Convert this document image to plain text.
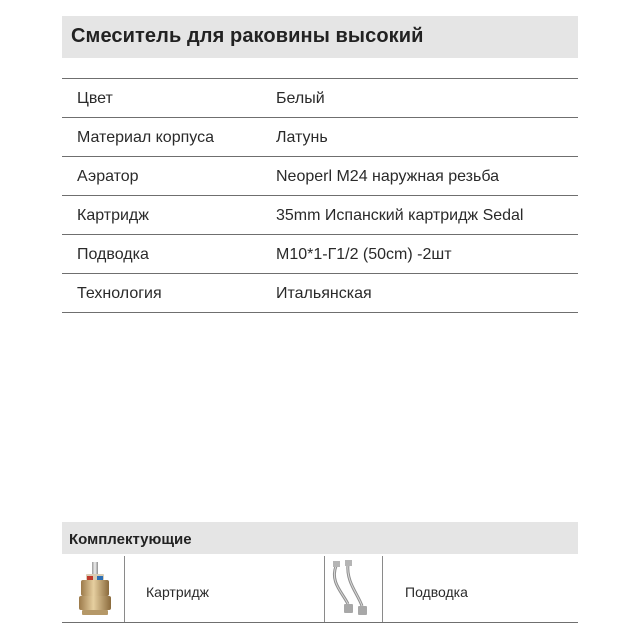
Смеситель для раковины высокий
Цвет	Белый
Материал корпуса	Латунь
Аэратор	Neoperl M24 наружная резьба
Картридж	35mm Испанский картридж Sedal
Подводка	M10*1-Г1/2 (50cm) -2шт
Технология	Итальянская
Комплектующие
Картридж	Подводка
